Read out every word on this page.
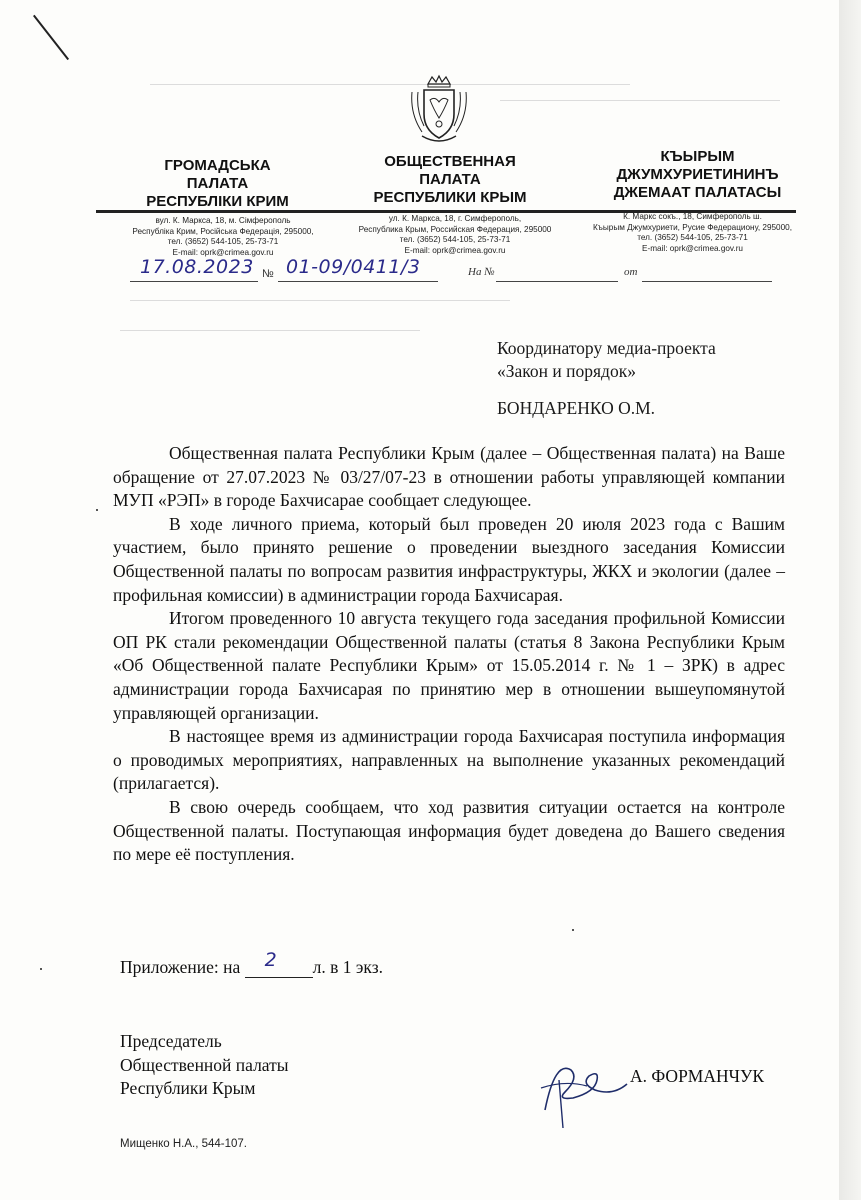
ГРОМАДСЬКА
ПАЛАТА
РЕСПУБЛІКИ КРИМ
ОБЩЕСТВЕННАЯ
ПАЛАТА
РЕСПУБЛИКИ КРЫМ
КЪЫРЫМ
ДЖУМХУРИЕТИНИНЪ
ДЖЕМААТ ПАЛАТАСЫ
вул. К. Маркса, 18, м. Сімферополь
Республіка Крим, Російська Федерація, 295000,
тел. (3652) 544-105, 25-73-71
E-mail: oprk@crimea.gov.ru
ул. К. Маркса, 18, г. Симферополь,
Республика Крым, Российская Федерация, 295000
тел. (3652) 544-105, 25-73-71
E-mail: oprk@crimea.gov.ru
К. Маркс сокъ., 18, Симферополь ш.
Къырым Джумхуриети, Русие Федерациону, 295000,
тел. (3652) 544-105, 25-73-71
E-mail: oprk@crimea.gov.ru
17.08.2023 № 01-09/0411/3	На №	от
Координатору медиа-проекта
«Закон и порядок»
БОНДАРЕНКО О.М.

Общественная палата Республики Крым (далее – Общественная палата) на Ваше обращение от 27.07.2023 № 03/27/07-23 в отношении работы управляющей компании МУП «РЭП» в городе Бахчисарае сообщает следующее.

В ходе личного приема, который был проведен 20 июля 2023 года с Вашим участием, было принято решение о проведении выездного заседания Комиссии Общественной палаты по вопросам развития инфраструктуры, ЖКХ и экологии (далее – профильная комиссии) в администрации города Бахчисарая.

Итогом проведенного 10 августа текущего года заседания профильной Комиссии ОП РК стали рекомендации Общественной палаты (статья 8 Закона Республики Крым «Об Общественной палате Республики Крым» от 15.05.2014 г. № 1 – ЗРК) в адрес администрации города Бахчисарая по принятию мер в отношении вышеупомянутой управляющей организации.

В настоящее время из администрации города Бахчисарая поступила информация о проводимых мероприятиях, направленных на выполнение указанных рекомендаций (прилагается).

В свою очередь сообщаем, что ход развития ситуации остается на контроле Общественной палаты. Поступающая информация будет доведена до Вашего сведения по мере её поступления.

Приложение: на 2 л. в 1 экз.
Председатель
Общественной палаты
Республики Крым
А. ФОРМАНЧУК
Мищенко Н.А., 544-107.
